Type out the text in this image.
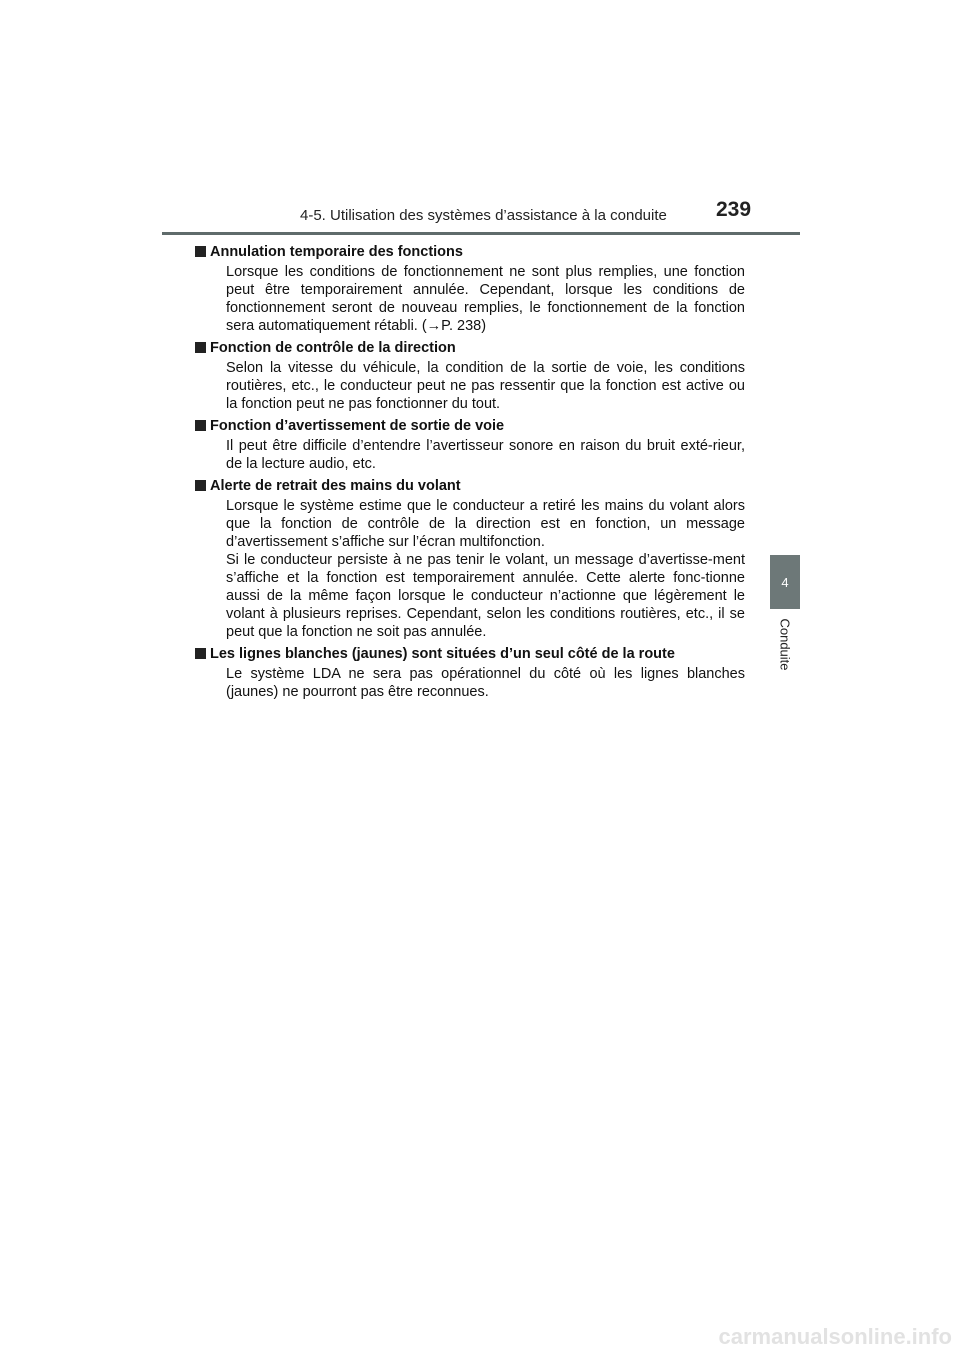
4-5. Utilisation des systèmes d’assistance à la conduite 239
4
Conduite
Annulation temporaire des fonctions

Lorsque les conditions de fonctionnement ne sont plus remplies, une fonction peut être temporairement annulée. Cependant, lorsque les conditions de fonctionnement seront de nouveau remplies, le fonctionnement de la fonction sera automatiquement rétabli. (→P. 238)

Fonction de contrôle de la direction

Selon la vitesse du véhicule, la condition de la sortie de voie, les conditions routières, etc., le conducteur peut ne pas ressentir que la fonction est active ou la fonction peut ne pas fonctionner du tout.

Fonction d’avertissement de sortie de voie

Il peut être difficile d’entendre l’avertisseur sonore en raison du bruit exté-rieur, de la lecture audio, etc.

Alerte de retrait des mains du volant

Lorsque le système estime que le conducteur a retiré les mains du volant alors que la fonction de contrôle de la direction est en fonction, un message d’avertissement s’affiche sur l’écran multifonction.

Si le conducteur persiste à ne pas tenir le volant, un message d’avertisse-ment s’affiche et la fonction est temporairement annulée. Cette alerte fonc-tionne aussi de la même façon lorsque le conducteur n’actionne que légèrement le volant à plusieurs reprises. Cependant, selon les conditions routières, etc., il se peut que la fonction ne soit pas annulée.

Les lignes blanches (jaunes) sont situées d’un seul côté de la route

Le système LDA ne sera pas opérationnel du côté où les lignes blanches (jaunes) ne pourront pas être reconnues.

carmanualsonline.info
